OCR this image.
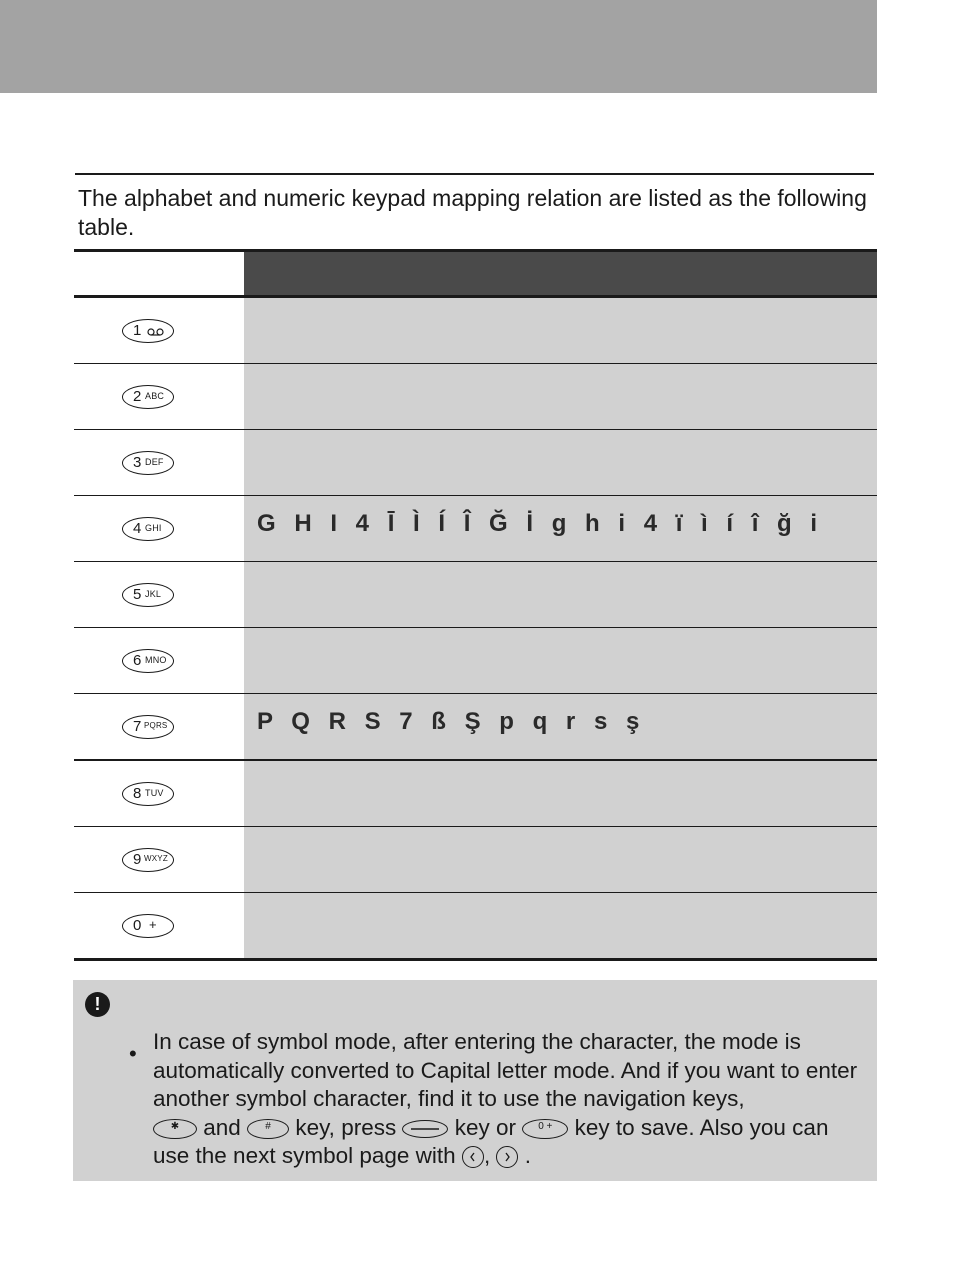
The alphabet and numeric keypad mapping relation are listed as the following table.

1
2 ABC
3 DEF
4 GHI	G H I 4 Ī Ì Í Î Ğ İ g h i 4 ï ì í î ğ i
5 JKL
6 MNO
7 PQRS	P Q R S 7 ß Ş p q r s ş
8 TUV
9 WXYZ
0 +
!
• In case of symbol mode, after entering the character, the mode is automatically converted to Capital letter mode. And if you want to enter another symbol character, find it to use the navigation keys,
✱ and # key, press	key or 0 + key to save. Also you can use the next symbol page with , .
